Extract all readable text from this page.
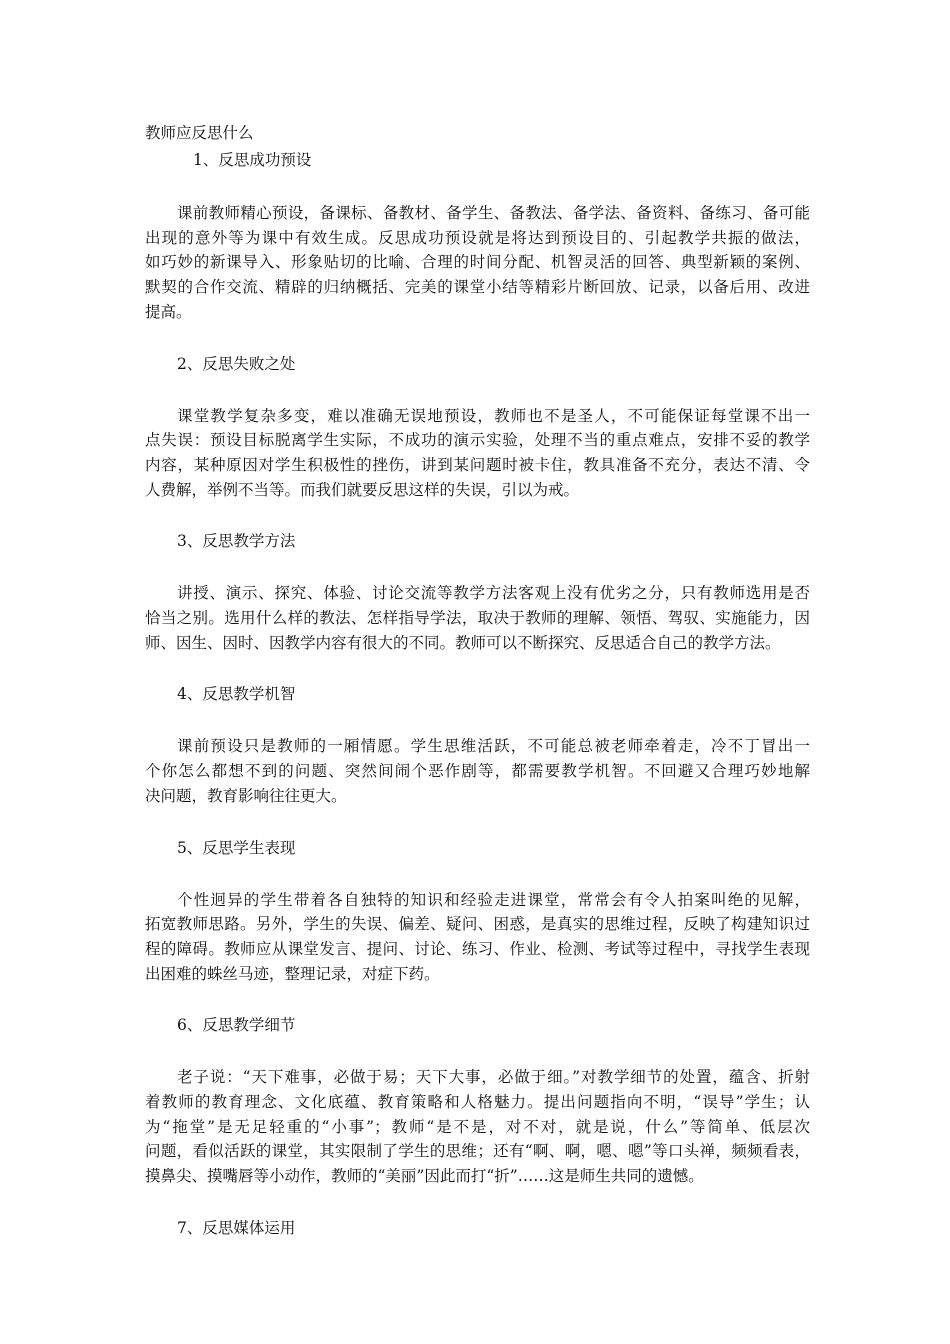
教师应反思什么
1、反思成功预设
课前教师精心预设，备课标、备教材、备学生、备教法、备学法、备资料、备练习、备可能
出现的意外等为课中有效生成。反思成功预设就是将达到预设目的、引起教学共振的做法，
如巧妙的新课导入、形象贴切的比喻、合理的时间分配、机智灵活的回答、典型新颖的案例、
默契的合作交流、精辟的归纳概括、完美的课堂小结等精彩片断回放、记录，以备后用、改进
提高。
2、反思失败之处
课堂教学复杂多变，难以准确无误地预设，教师也不是圣人，不可能保证每堂课不出一
点失误：预设目标脱离学生实际，不成功的演示实验，处理不当的重点难点，安排不妥的教学
内容，某种原因对学生积极性的挫伤，讲到某问题时被卡住，教具准备不充分，表达不清、令
人费解，举例不当等。而我们就要反思这样的失误，引以为戒。
3、反思教学方法
讲授、演示、探究、体验、讨论交流等教学方法客观上没有优劣之分，只有教师选用是否
恰当之别。选用什么样的教法、怎样指导学法，取决于教师的理解、领悟、驾驭、实施能力，因
师、因生、因时、因教学内容有很大的不同。教师可以不断探究、反思适合自己的教学方法。
4、反思教学机智
课前预设只是教师的一厢情愿。学生思维活跃，不可能总被老师牵着走，冷不丁冒出一
个你怎么都想不到的问题、突然间闹个恶作剧等，都需要教学机智。不回避又合理巧妙地解
决问题，教育影响往往更大。
5、反思学生表现
个性迥异的学生带着各自独特的知识和经验走进课堂，常常会有令人拍案叫绝的见解，
拓宽教师思路。另外，学生的失误、偏差、疑问、困惑，是真实的思维过程，反映了构建知识过
程的障碍。教师应从课堂发言、提问、讨论、练习、作业、检测、考试等过程中，寻找学生表现
出困难的蛛丝马迹，整理记录，对症下药。
6、反思教学细节
老子说：“天下难事，必做于易；天下大事，必做于细。”对教学细节的处置，蕴含、折射
着教师的教育理念、文化底蕴、教育策略和人格魅力。提出问题指向不明，“误导”学生；认
为“拖堂”是无足轻重的“小事”；教师“是不是，对不对，就是说，什么”等简单、低层次
问题，看似活跃的课堂，其实限制了学生的思维；还有“啊、啊，嗯、嗯”等口头禅，频频看表，
摸鼻尖、摸嘴唇等小动作，教师的“美丽”因此而打“折”……这是师生共同的遗憾。
7、反思媒体运用
